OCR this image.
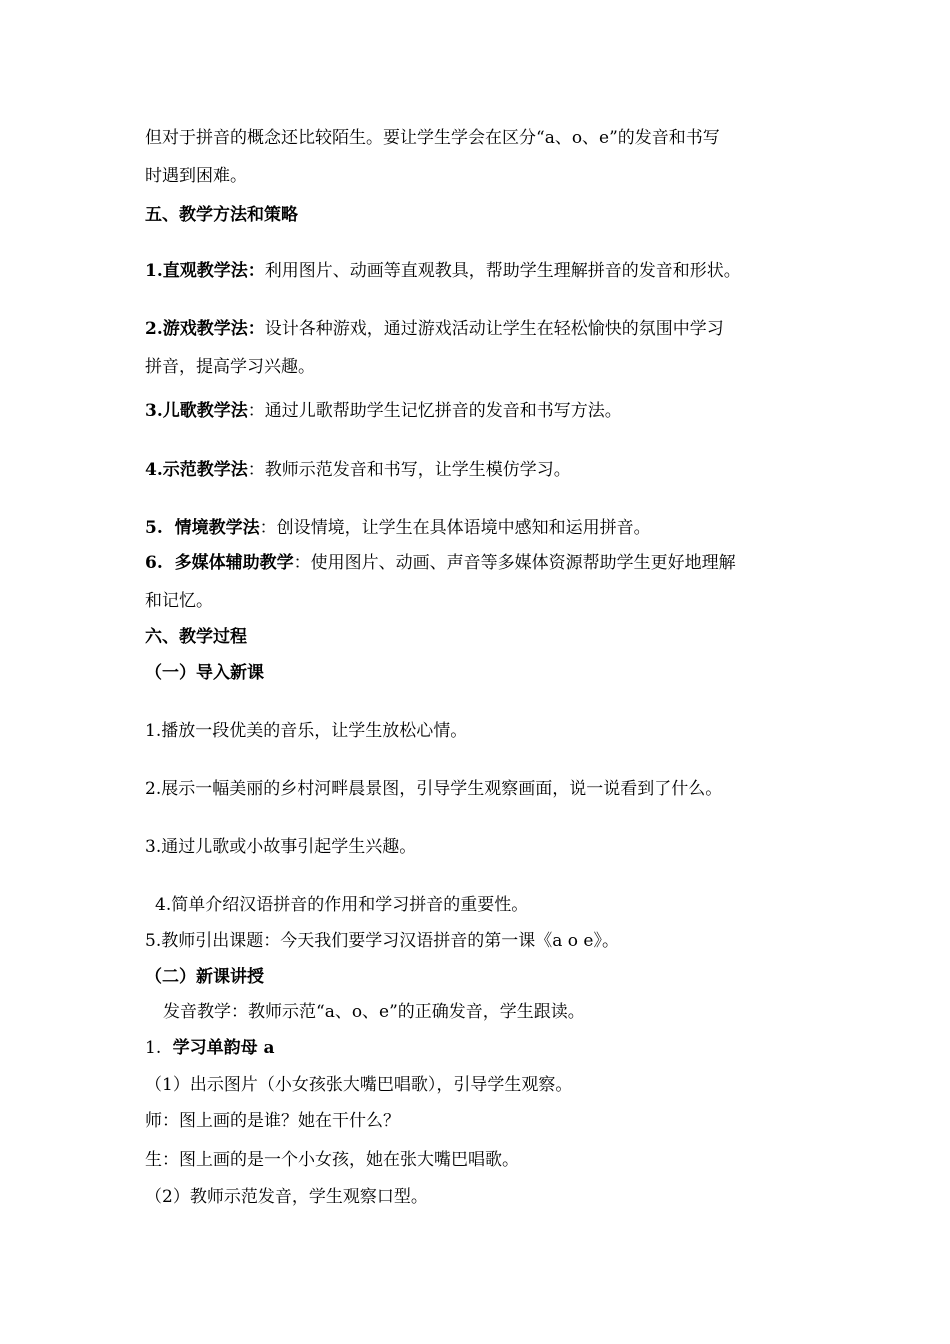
但对于拼音的概念还比较陌生。要让学生学会在区分“a、o、e”的发音和书写
时遇到困难。
五、教学方法和策略
1.直观教学法：利用图片、动画等直观教具，帮助学生理解拼音的发音和形状。
2.游戏教学法：设计各种游戏，通过游戏活动让学生在轻松愉快的氛围中学习
拼音，提高学习兴趣。
3.儿歌教学法：通过儿歌帮助学生记忆拼音的发音和书写方法。
4.示范教学法：教师示范发音和书写，让学生模仿学习。
5.  情境教学法：创设情境，让学生在具体语境中感知和运用拼音。
6.  多媒体辅助教学：使用图片、动画、声音等多媒体资源帮助学生更好地理解
和记忆。
六、教学过程
（一）导入新课
1.播放一段优美的音乐，让学生放松心情。
2.展示一幅美丽的乡村河畔晨景图，引导学生观察画面，说一说看到了什么。
3.通过儿歌或小故事引起学生兴趣。
4.简单介绍汉语拼音的作用和学习拼音的重要性。
5.教师引出课题：今天我们要学习汉语拼音的第一课《a o e》。
（二）新课讲授
发音教学：教师示范“a、o、e”的正确发音，学生跟读。
1. 学习单韵母 a
（1）出示图片（小女孩张大嘴巴唱歌），引导学生观察。
师：图上画的是谁？她在干什么？
生：图上画的是一个小女孩，她在张大嘴巴唱歌。
（2）教师示范发音，学生观察口型。
